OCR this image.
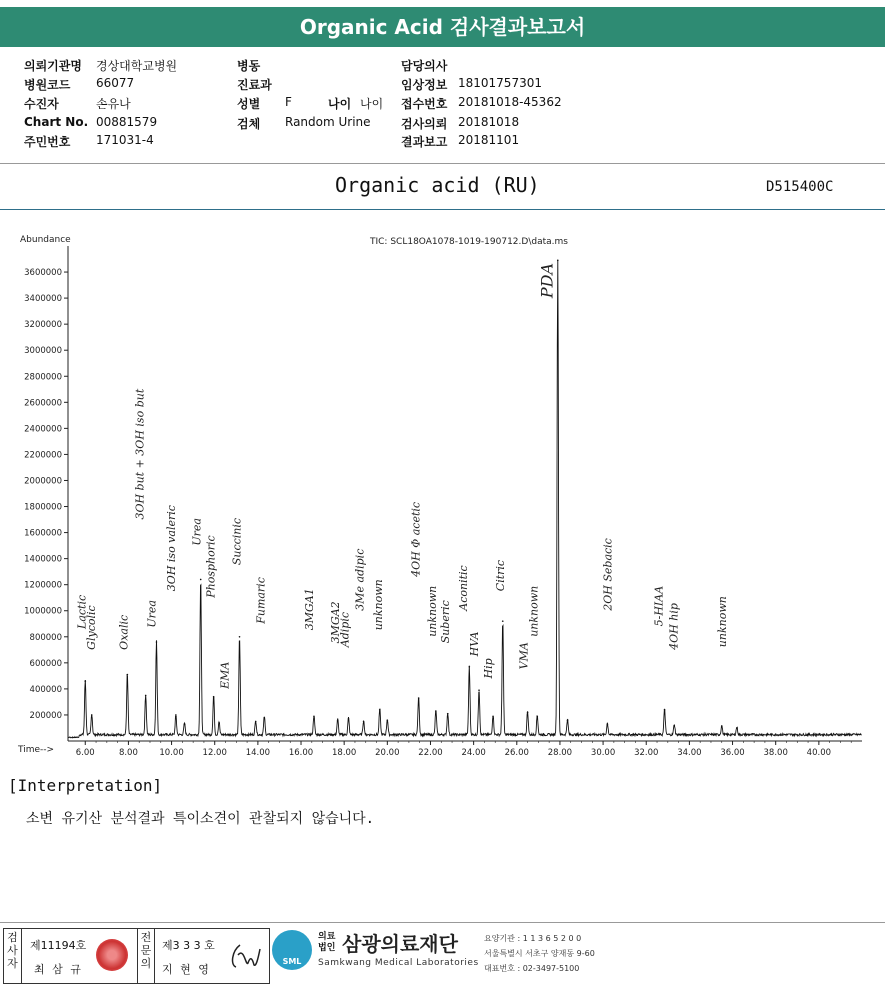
Organic Acid 검사결과보고서
의뢰기관명 경상대학교병원
병원코드 66077
수진자	손유나
Chart No. 00881579
주민번호 171031-4
병동
진료과
성별 F
검체 Random Urine
나이 나이
담당의사
임상정보 18101757301
접수번호 20181018-45362
검사의뢰 20181018
결과보고 20181101
Organic acid (RU)	D515400C
Abundance
Time-->
TIC: SCL18OA1078-1019-190712.D\data.ms
200000
400000
600000
800000
1000000
1200000
1400000
1600000
1800000
2000000
2200000
2400000
2600000
2800000
3000000
3200000
3400000
3600000
6.00	8.00	10.00 12.00 14.00 16.00 18.00 20.00 22.00 24.00 26.00 28.00 30.00 32.00 34.00 36.00 38.00 40.00
Lactic
Glycolic Oxalic
3OH but + 3OH iso but
Urea
3OH iso valeric Urea
Phosphoric
EMA
Succinic
Fumaric	3MGA1 3MGA2
Adipic
3Me adipic unknown
4OH Φ acetic
unknown Suberic
Aconitic
HVA
Hip
Citric
VMA
unknown
PDA
2OH Sebacic	5-HIAA 4OH hip	unknown
[Interpretation]
소변 유기산 분석결과 특이소견이 관찰되지 않습니다.
검사자
제11194호
최 삼 규
전문의
제3 3 3 호
지 현 영
SML
의료
법인 삼광의료재단
Samkwang Medical Laboratories
요양기관 : 1 1 3 6 5 2 0 0
서울특별시 서초구 양재동 9-60
대표번호 : 02-3497-5100
